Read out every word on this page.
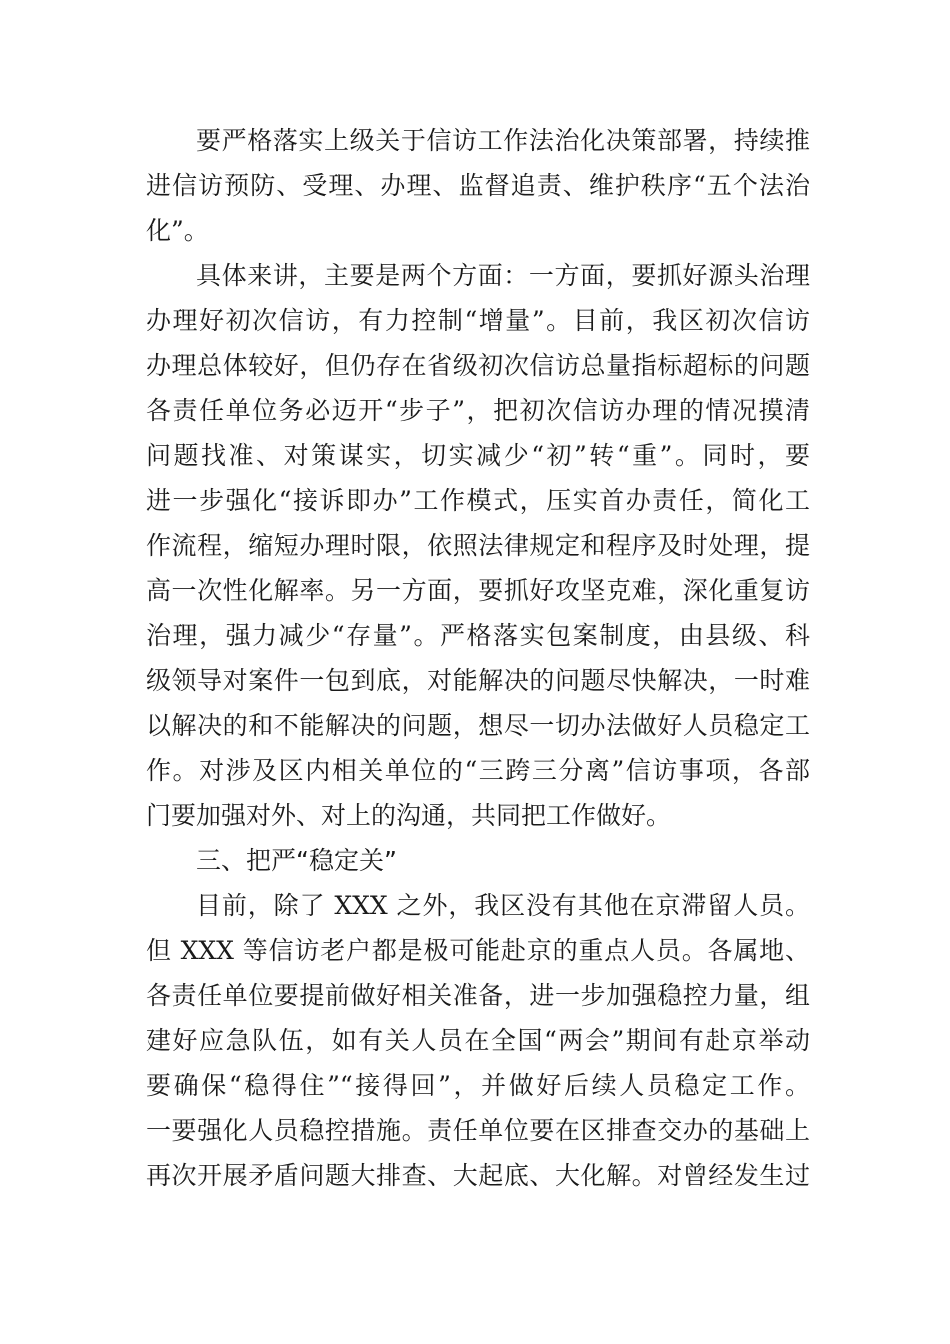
要严格落实上级关于信访工作法治化决策部署，持续推
进信访预防、受理、办理、监督追责、维护秩序“五个法治
化”。
具体来讲，主要是两个方面：一方面，要抓好源头治理
办理好初次信访，有力控制“增量”。目前，我区初次信访
办理总体较好，但仍存在省级初次信访总量指标超标的问题
各责任单位务必迈开“步子”，把初次信访办理的情况摸清
问题找准、对策谋实，切实减少“初”转“重”。同时，要
进一步强化“接诉即办”工作模式，压实首办责任，简化工
作流程，缩短办理时限，依照法律规定和程序及时处理，提
高一次性化解率。另一方面，要抓好攻坚克难，深化重复访
治理，强力减少“存量”。严格落实包案制度，由县级、科
级领导对案件一包到底，对能解决的问题尽快解决，一时难
以解决的和不能解决的问题，想尽一切办法做好人员稳定工
作。对涉及区内相关单位的“三跨三分离”信访事项，各部
门要加强对外、对上的沟通，共同把工作做好。
三、把严“稳定关”
目前，除了 XXX 之外，我区没有其他在京滞留人员。
但 XXX 等信访老户都是极可能赴京的重点人员。各属地、
各责任单位要提前做好相关准备，进一步加强稳控力量，组
建好应急队伍，如有关人员在全国“两会”期间有赴京举动
要确保“稳得住”“接得回”，并做好后续人员稳定工作。
一要强化人员稳控措施。责任单位要在区排查交办的基础上
再次开展矛盾问题大排查、大起底、大化解。对曾经发生过
